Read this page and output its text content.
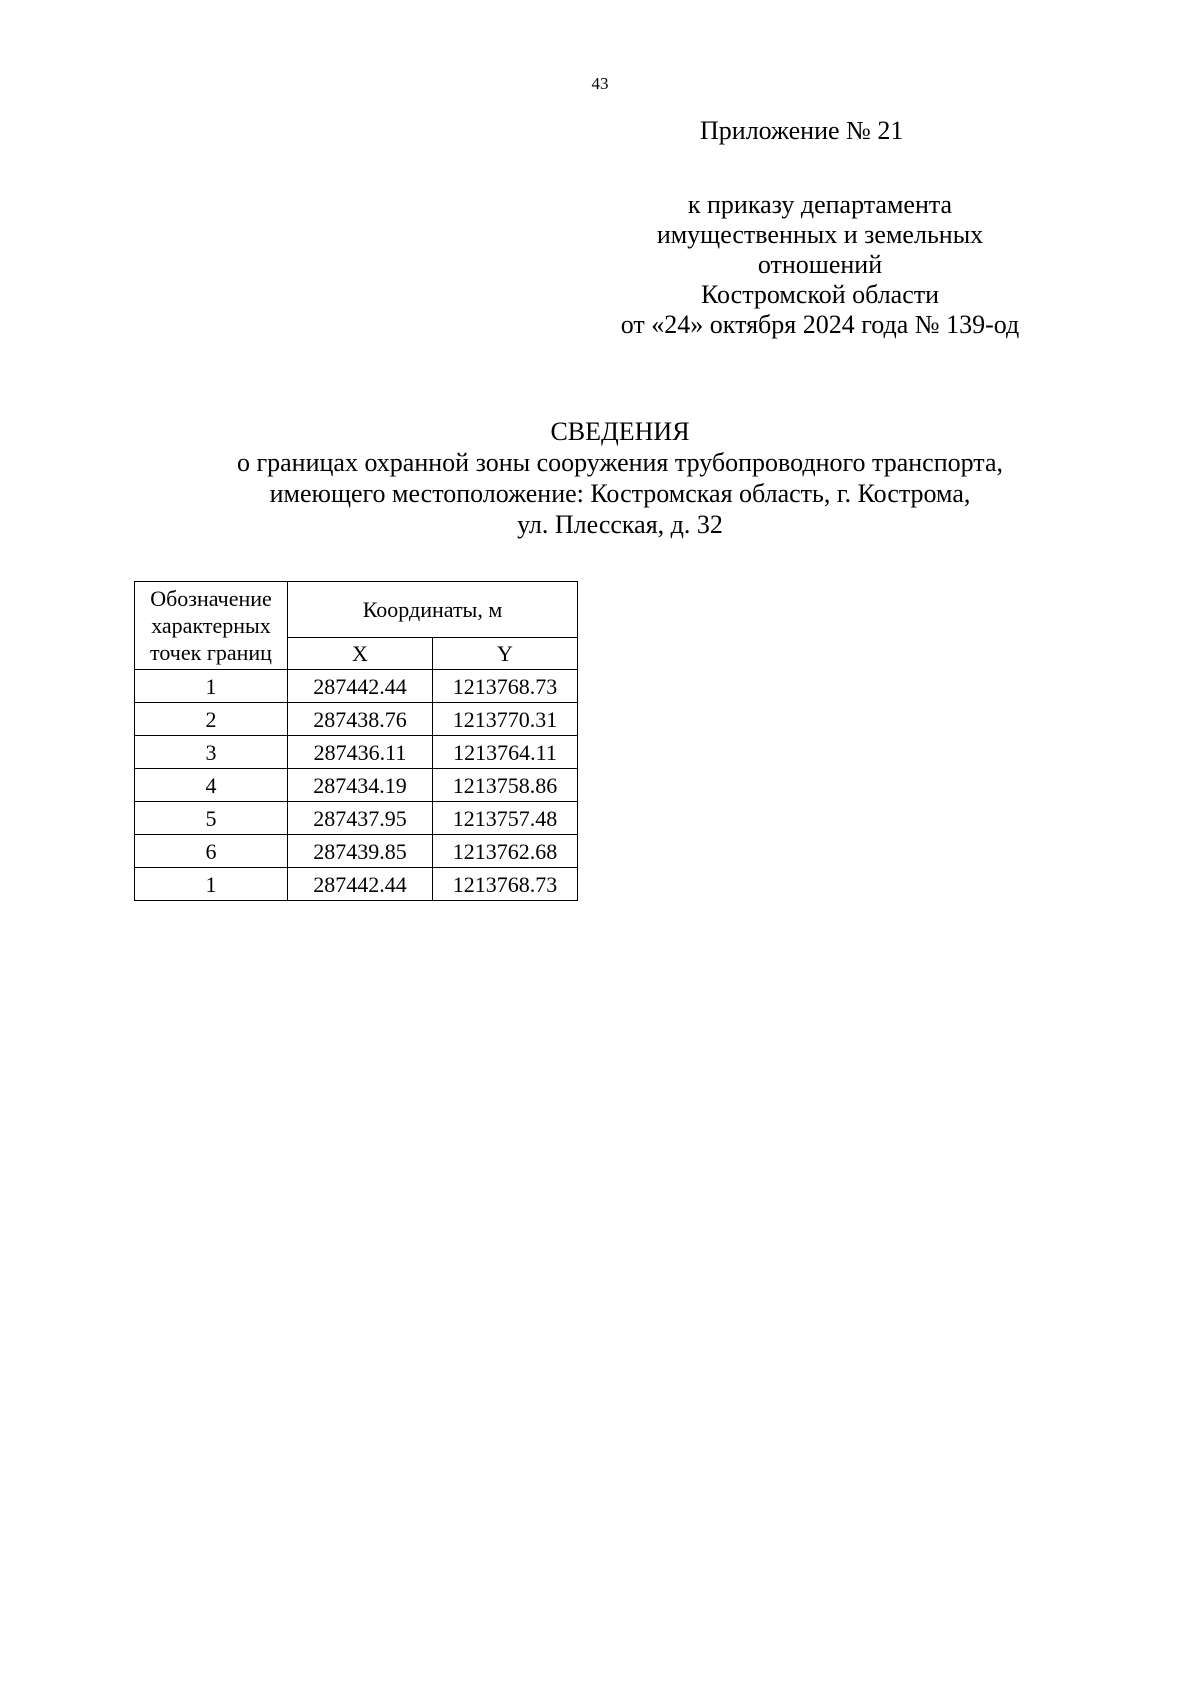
43
Приложение № 21
к приказу департамента
имущественных и земельных
отношений
Костромской области
от «24» октября 2024 года № 139-од
СВЕДЕНИЯ
о границах охранной зоны сооружения трубопроводного транспорта,
имеющего местоположение: Костромская область, г. Кострома,
ул. Плесская, д. 32
Обозначение
характерных
точек границ	Координаты, м	
	X	Y
1	287442.44	1213768.73
2	287438.76	1213770.31
3	287436.11	1213764.11
4	287434.19	1213758.86
5	287437.95	1213757.48
6	287439.85	1213762.68
1	287442.44	1213768.73
